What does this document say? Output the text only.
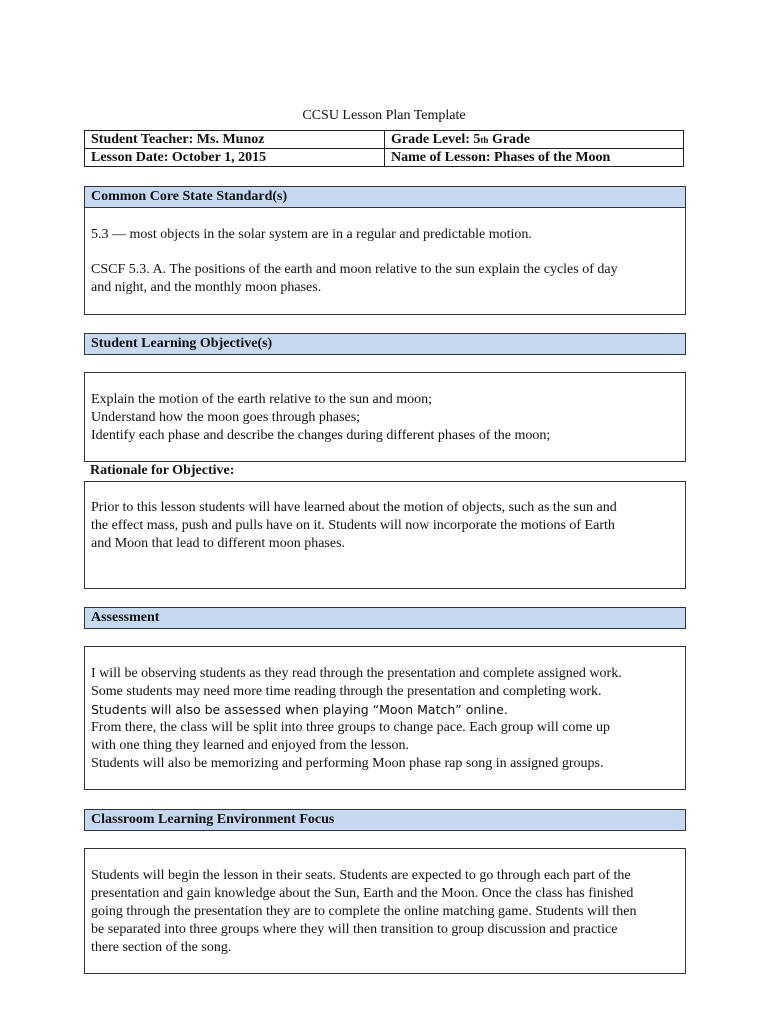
CCSU Lesson Plan Template
Student Teacher: Ms. Munoz	Grade Level: 5 th Grade
Lesson Date: October 1, 2015	Name of Lesson: Phases of the Moon
Common Core State Standard(s)
5.3 — most objects in the solar system are in a regular and predictable motion.
CSCF 5.3. A. The positions of the earth and moon relative to the sun explain the cycles of day
and night, and the monthly moon phases.
Student Learning Objective(s)
Explain the motion of the earth relative to the sun and moon;
Understand how the moon goes through phases;
Identify each phase and describe the changes during different phases of the moon;
Rationale for Objective:
Prior to this lesson students will have learned about the motion of objects, such as the sun and
the effect mass, push and pulls have on it. Students will now incorporate the motions of Earth
and Moon that lead to different moon phases.
Assessment
I will be observing students as they read through the presentation and complete assigned work.
Some students may need more time reading through the presentation and completing work.
Students will also be assessed when playing “Moon Match” online.
From there, the class will be split into three groups to change pace. Each group will come up
with one thing they learned and enjoyed from the lesson.
Students will also be memorizing and performing Moon phase rap song in assigned groups.
Classroom Learning Environment Focus
Students will begin the lesson in their seats. Students are expected to go through each part of the
presentation and gain knowledge about the Sun, Earth and the Moon. Once the class has finished
going through the presentation they are to complete the online matching game. Students will then
be separated into three groups where they will then transition to group discussion and practice
there section of the song.
